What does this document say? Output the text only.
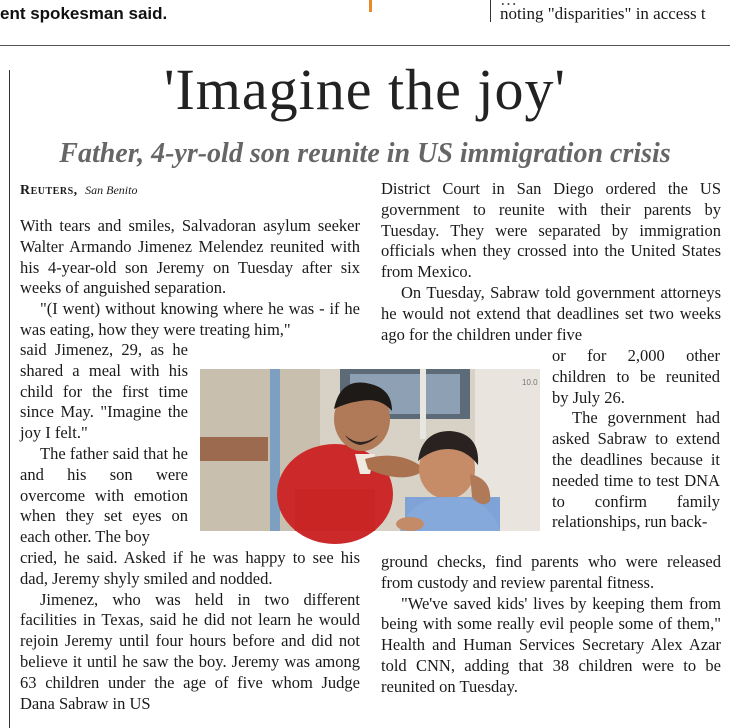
ent spokesman said.	noting "disparities" in access t
'Imagine the joy'
Father, 4-yr-old son reunite in US immigration crisis
Reuters, San Benito

With tears and smiles, Salvadoran asylum seeker Walter Armando Jimenez Melendez reunited with his 4-year-old son Jeremy on Tuesday after six weeks of anguished separation.

"(I went) without knowing where he was - if he was eating, how they were treating him,"

said Jimenez, 29, as he shared a meal with his child for the first time since May. "Imagine the joy I felt."

The father said that he and his son were overcome with emotion when they set eyes on each other. The boy

cried, he said. Asked if he was happy to see his dad, Jeremy shyly smiled and nodded.

Jimenez, who was held in two different facilities in Texas, said he did not learn he would rejoin Jeremy until four hours before and did not believe it until he saw the boy. Jeremy was among 63 children under the age of five whom Judge Dana Sabraw in US

District Court in San Diego ordered the US government to reunite with their parents by Tuesday. They were separated by immigration officials when they crossed into the United States from Mexico.

On Tuesday, Sabraw told government attorneys he would not extend that deadlines set two weeks ago for the children under five

or for 2,000 other children to be reunited by July 26.

The government had asked Sabraw to extend the deadlines because it needed time to test DNA to confirm family relationships, run back-

ground checks, find parents who were released from custody and review parental fitness.

"We've saved kids' lives by keeping them from being with some really evil people some of them," Health and Human Services Secretary Alex Azar told CNN, adding that 38 children were to be reunited on Tuesday.

10.0
